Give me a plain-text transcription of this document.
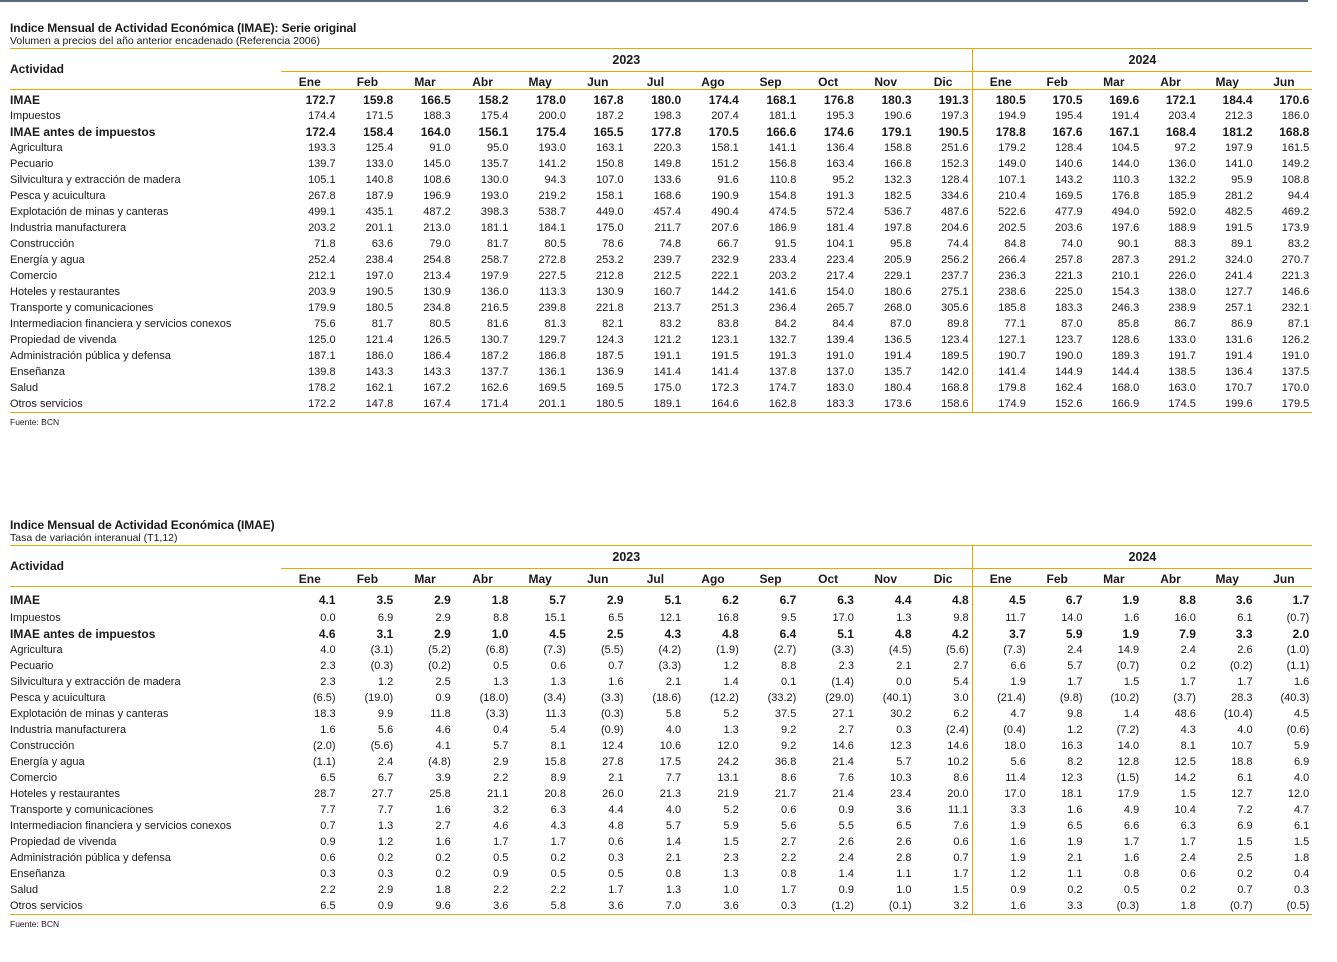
Indice Mensual de Actividad Económica (IMAE): Serie original
Volumen a precios del año anterior encadenado (Referencia 2006)
Actividad	2023												2024					
	Ene	Feb	Mar	Abr	May	Jun	Jul	Ago	Sep	Oct	Nov	Dic	Ene	Feb	Mar	Abr	May	Jun
IMAE	172.7	159.8	166.5	158.2	178.0	167.8	180.0	174.4	168.1	176.8	180.3	191.3	180.5	170.5	169.6	172.1	184.4	170.6
Impuestos	174.4	171.5	188.3	175.4	200.0	187.2	198.3	207.4	181.1	195.3	190.6	197.3	194.9	195.4	191.4	203.4	212.3	186.0
IMAE antes de impuestos	172.4	158.4	164.0	156.1	175.4	165.5	177.8	170.5	166.6	174.6	179.1	190.5	178.8	167.6	167.1	168.4	181.2	168.8
Agricultura	193.3	125.4	91.0	95.0	193.0	163.1	220.3	158.1	141.1	136.4	158.8	251.6	179.2	128.4	104.5	97.2	197.9	161.5
Pecuario	139.7	133.0	145.0	135.7	141.2	150.8	149.8	151.2	156.8	163.4	166.8	152.3	149.0	140.6	144.0	136.0	141.0	149.2
Silvicultura y extracción de madera	105.1	140.8	108.6	130.0	94.3	107.0	133.6	91.6	110.8	95.2	132.3	128.4	107.1	143.2	110.3	132.2	95.9	108.8
Pesca y acuicultura	267.8	187.9	196.9	193.0	219.2	158.1	168.6	190.9	154.8	191.3	182.5	334.6	210.4	169.5	176.8	185.9	281.2	94.4
Explotación de minas y canteras	499.1	435.1	487.2	398.3	538.7	449.0	457.4	490.4	474.5	572.4	536.7	487.6	522.6	477.9	494.0	592.0	482.5	469.2
Industria manufacturera	203.2	201.1	213.0	181.1	184.1	175.0	211.7	207.6	186.9	181.4	197.8	204.6	202.5	203.6	197.6	188.9	191.5	173.9
Construcción	71.8	63.6	79.0	81.7	80.5	78.6	74.8	66.7	91.5	104.1	95.8	74.4	84.8	74.0	90.1	88.3	89.1	83.2
Energía y agua	252.4	238.4	254.8	258.7	272.8	253.2	239.7	232.9	233.4	223.4	205.9	256.2	266.4	257.8	287.3	291.2	324.0	270.7
Comercio	212.1	197.0	213.4	197.9	227.5	212.8	212.5	222.1	203.2	217.4	229.1	237.7	236.3	221.3	210.1	226.0	241.4	221.3
Hoteles y restaurantes	203.9	190.5	130.9	136.0	113.3	130.9	160.7	144.2	141.6	154.0	180.6	275.1	238.6	225.0	154.3	138.0	127.7	146.6
Transporte y comunicaciones	179.9	180.5	234.8	216.5	239.8	221.8	213.7	251.3	236.4	265.7	268.0	305.6	185.8	183.3	246.3	238.9	257.1	232.1
Intermediacion financiera y servicios conexos	75.6	81.7	80.5	81.6	81.3	82.1	83.2	83.8	84.2	84.4	87.0	89.8	77.1	87.0	85.8	86.7	86.9	87.1
Propiedad de vivenda	125.0	121.4	126.5	130.7	129.7	124.3	121.2	123.1	132.7	139.4	136.5	123.4	127.1	123.7	128.6	133.0	131.6	126.2
Administración pública y defensa	187.1	186.0	186.4	187.2	186.8	187.5	191.1	191.5	191.3	191.0	191.4	189.5	190.7	190.0	189.3	191.7	191.4	191.0
Enseñanza	139.8	143.3	143.3	137.7	136.1	136.9	141.4	141.4	137.8	137.0	135.7	142.0	141.4	144.9	144.4	138.5	136.4	137.5
Salud	178.2	162.1	167.2	162.6	169.5	169.5	175.0	172.3	174.7	183.0	180.4	168.8	179.8	162.4	168.0	163.0	170.7	170.0
Otros servicios	172.2	147.8	167.4	171.4	201.1	180.5	189.1	164.6	162.8	183.3	173.6	158.6	174.9	152.6	166.9	174.5	199.6	179.5
Fuente: BCN
Indice Mensual de Actividad Económica (IMAE)
Tasa de variación interanual (T1,12)
Actividad	2023												2024					
	Ene	Feb	Mar	Abr	May	Jun	Jul	Ago	Sep	Oct	Nov	Dic	Ene	Feb	Mar	Abr	May	Jun
IMAE	4.1	3.5	2.9	1.8	5.7	2.9	5.1	6.2	6.7	6.3	4.4	4.8	4.5	6.7	1.9	8.8	3.6	1.7
Impuestos	0.0	6.9	2.9	8.8	15.1	6.5	12.1	16.8	9.5	17.0	1.3	9.8	11.7	14.0	1.6	16.0	6.1	(0.7)
IMAE antes de impuestos	4.6	3.1	2.9	1.0	4.5	2.5	4.3	4.8	6.4	5.1	4.8	4.2	3.7	5.9	1.9	7.9	3.3	2.0
Agricultura	4.0	(3.1)	(5.2)	(6.8)	(7.3)	(5.5)	(4.2)	(1.9)	(2.7)	(3.3)	(4.5)	(5.6)	(7.3)	2.4	14.9	2.4	2.6	(1.0)
Pecuario	2.3	(0.3)	(0.2)	0.5	0.6	0.7	(3.3)	1.2	8.8	2.3	2.1	2.7	6.6	5.7	(0.7)	0.2	(0.2)	(1.1)
Silvicultura y extracción de madera	2.3	1.2	2.5	1.3	1.3	1.6	2.1	1.4	0.1	(1.4)	0.0	5.4	1.9	1.7	1.5	1.7	1.7	1.6
Pesca y acuicultura	(6.5)	(19.0)	0.9	(18.0)	(3.4)	(3.3)	(18.6)	(12.2)	(33.2)	(29.0)	(40.1)	3.0	(21.4)	(9.8)	(10.2)	(3.7)	28.3	(40.3)
Explotación de minas y canteras	18.3	9.9	11.8	(3.3)	11.3	(0.3)	5.8	5.2	37.5	27.1	30.2	6.2	4.7	9.8	1.4	48.6	(10.4)	4.5
Industria manufacturera	1.6	5.6	4.6	0.4	5.4	(0.9)	4.0	1.3	9.2	2.7	0.3	(2.4)	(0.4)	1.2	(7.2)	4.3	4.0	(0.6)
Construcción	(2.0)	(5.6)	4.1	5.7	8.1	12.4	10.6	12.0	9.2	14.6	12.3	14.6	18.0	16.3	14.0	8.1	10.7	5.9
Energía y agua	(1.1)	2.4	(4.8)	2.9	15.8	27.8	17.5	24.2	36.8	21.4	5.7	10.2	5.6	8.2	12.8	12.5	18.8	6.9
Comercio	6.5	6.7	3.9	2.2	8.9	2.1	7.7	13.1	8.6	7.6	10.3	8.6	11.4	12.3	(1.5)	14.2	6.1	4.0
Hoteles y restaurantes	28.7	27.7	25.8	21.1	20.8	26.0	21.3	21.9	21.7	21.4	23.4	20.0	17.0	18.1	17.9	1.5	12.7	12.0
Transporte y comunicaciones	7.7	7.7	1.6	3.2	6.3	4.4	4.0	5.2	0.6	0.9	3.6	11.1	3.3	1.6	4.9	10.4	7.2	4.7
Intermediacion financiera y servicios conexos	0.7	1.3	2.7	4.6	4.3	4.8	5.7	5.9	5.6	5.5	6.5	7.6	1.9	6.5	6.6	6.3	6.9	6.1
Propiedad de vivenda	0.9	1.2	1.6	1.7	1.7	0.6	1.4	1.5	2.7	2.6	2.6	0.6	1.6	1.9	1.7	1.7	1.5	1.5
Administración pública y defensa	0.6	0.2	0.2	0.5	0.2	0.3	2.1	2.3	2.2	2.4	2.8	0.7	1.9	2.1	1.6	2.4	2.5	1.8
Enseñanza	0.3	0.3	0.2	0.9	0.5	0.5	0.8	1.3	0.8	1.4	1.1	1.7	1.2	1.1	0.8	0.6	0.2	0.4
Salud	2.2	2.9	1.8	2.2	2.2	1.7	1.3	1.0	1.7	0.9	1.0	1.5	0.9	0.2	0.5	0.2	0.7	0.3
Otros servicios	6.5	0.9	9.6	3.6	5.8	3.6	7.0	3.6	0.3	(1.2)	(0.1)	3.2	1.6	3.3	(0.3)	1.8	(0.7)	(0.5)
Fuente: BCN
